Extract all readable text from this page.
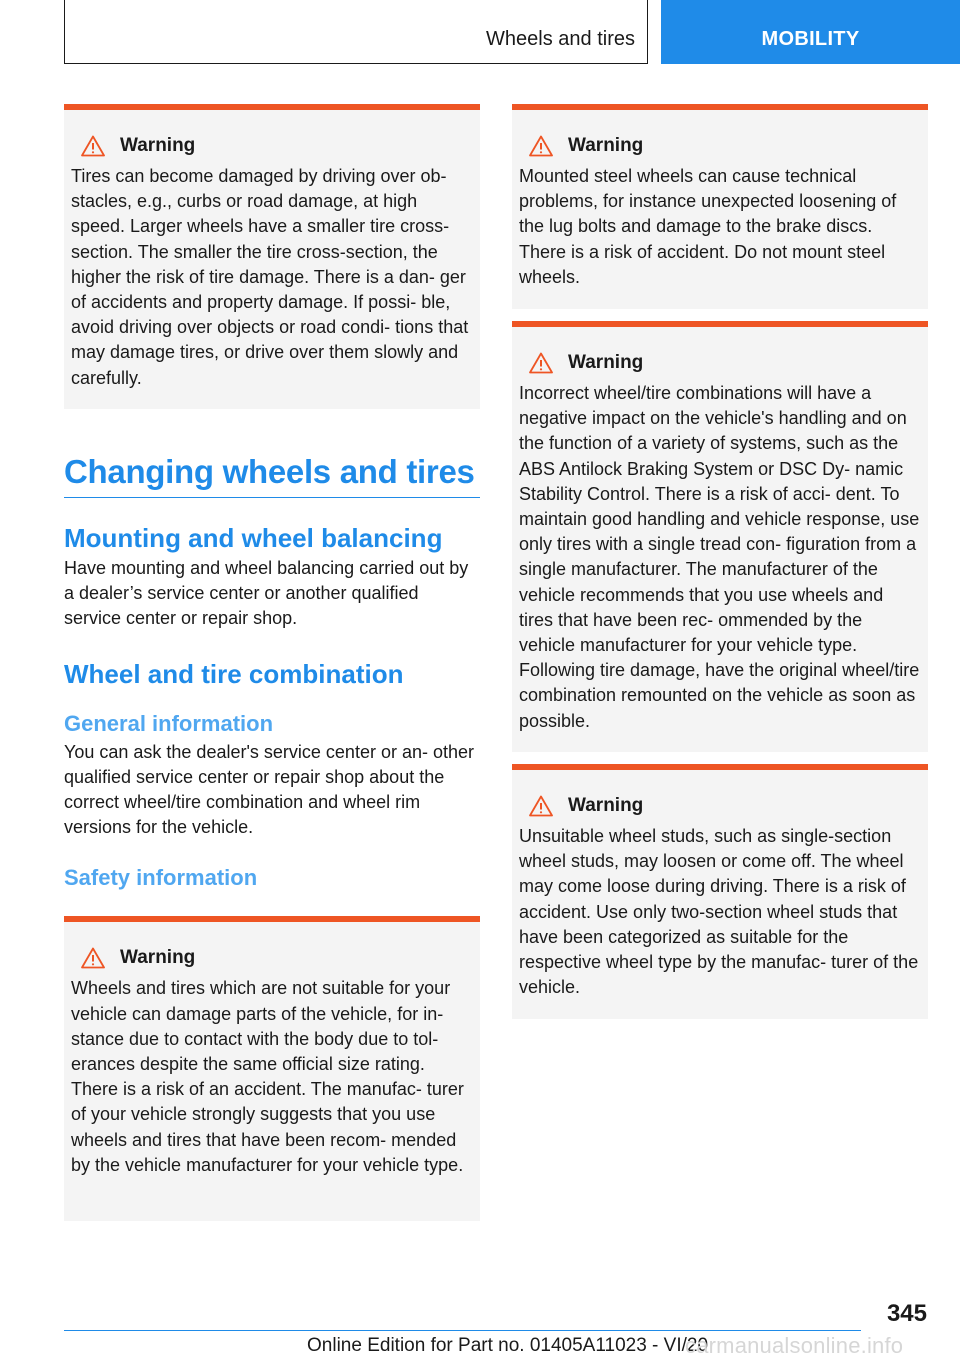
Wheels and tires	MOBILITY
Warning

Tires can become damaged by driving over ob‐ stacles, e.g., curbs or road damage, at high speed. Larger wheels have a smaller tire cross‐ section. The smaller the tire cross-section, the higher the risk of tire damage. There is a dan‐ ger of accidents and property damage. If possi‐ ble, avoid driving over objects or road condi‐ tions that may damage tires, or drive over them slowly and carefully.

Changing wheels and tires
Mounting and wheel balancing

Have mounting and wheel balancing carried out by a dealer’s service center or another qualified service center or repair shop.

Wheel and tire combination
General information

You can ask the dealer's service center or an‐ other qualified service center or repair shop about the correct wheel/tire combination and wheel rim versions for the vehicle.

Safety information
Warning

Wheels and tires which are not suitable for your vehicle can damage parts of the vehicle, for in‐ stance due to contact with the body due to tol‐ erances despite the same official size rating. There is a risk of an accident. The manufac‐ turer of your vehicle strongly suggests that you use wheels and tires that have been recom‐ mended by the vehicle manufacturer for your vehicle type.

Warning

Mounted steel wheels can cause technical problems, for instance unexpected loosening of the lug bolts and damage to the brake discs. There is a risk of accident. Do not mount steel wheels.

Warning

Incorrect wheel/tire combinations will have a negative impact on the vehicle's handling and on the function of a variety of systems, such as the ABS Antilock Braking System or DSC Dy‐ namic Stability Control. There is a risk of acci‐ dent. To maintain good handling and vehicle response, use only tires with a single tread con‐ figuration from a single manufacturer. The manufacturer of the vehicle recommends that you use wheels and tires that have been rec‐ ommended by the vehicle manufacturer for your vehicle type. Following tire damage, have the original wheel/tire combination remounted on the vehicle as soon as possible.

Warning

Unsuitable wheel studs, such as single-section wheel studs, may loosen or come off. The wheel may come loose during driving. There is a risk of accident. Use only two-section wheel studs that have been categorized as suitable for the respective wheel type by the manufac‐ turer of the vehicle.

345
Online Edition for Part no. 01405A11023 - VI/20
carmanualsonline.info
